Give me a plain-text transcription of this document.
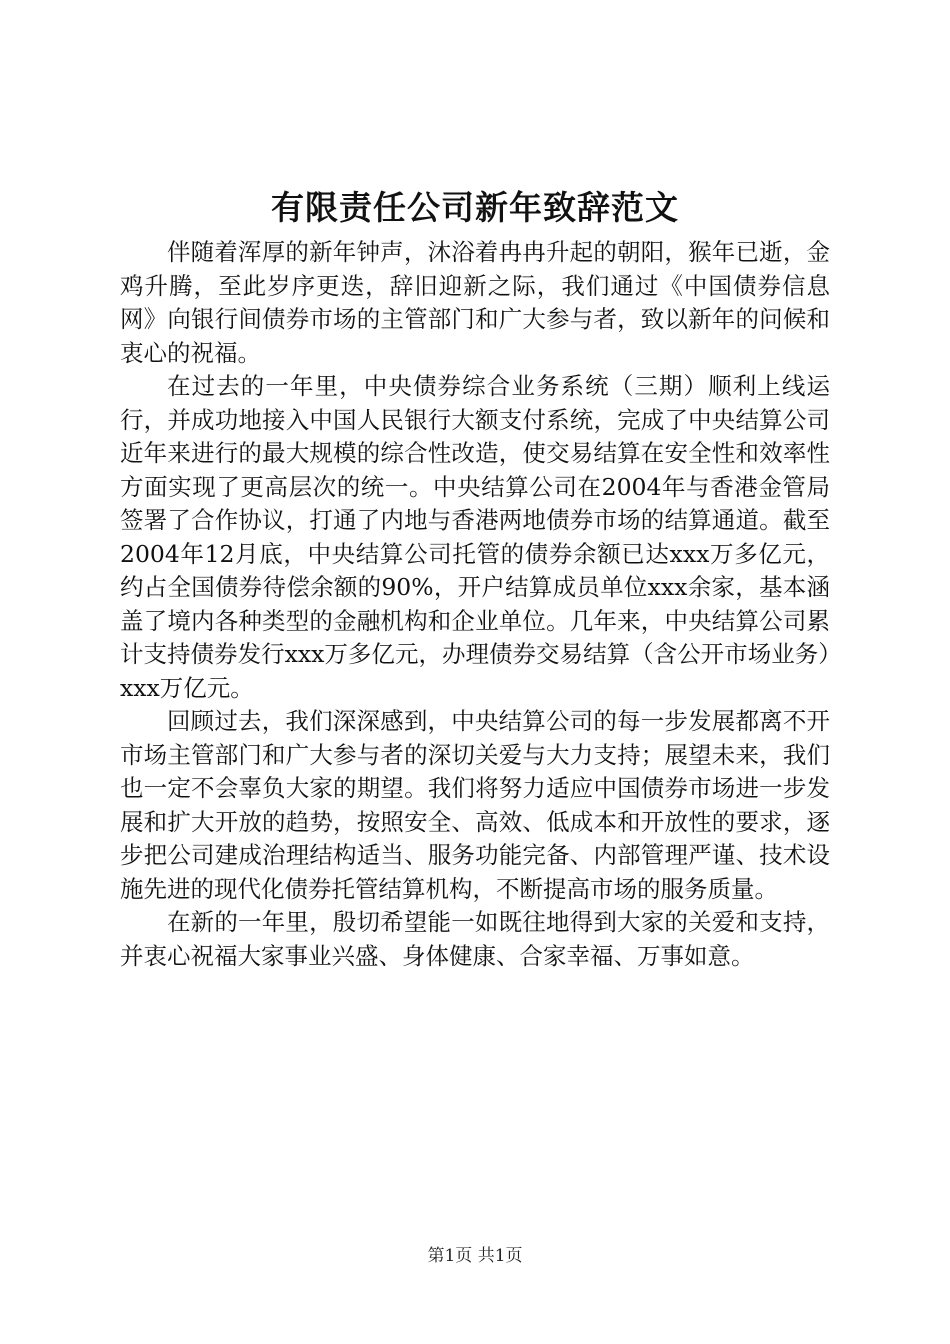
有限责任公司新年致辞范文

伴随着浑厚的新年钟声，沐浴着冉冉升起的朝阳，猴年已逝，金鸡升腾，至此岁序更迭，辞旧迎新之际，我们通过《中国债券信息网》向银行间债券市场的主管部门和广大参与者，致以新年的问候和衷心的祝福。

在过去的一年里，中央债券综合业务系统（三期）顺利上线运行，并成功地接入中国人民银行大额支付系统，完成了中央结算公司近年来进行的最大规模的综合性改造，使交易结算在安全性和效率性方面实现了更高层次的统一。中央结算公司在2004年与香港金管局签署了合作协议，打通了内地与香港两地债券市场的结算通道。截至2004年12月底，中央结算公司托管的债券余额已达xxx万多亿元，约占全国债券待偿余额的90%，开户结算成员单位xxx余家，基本涵盖了境内各种类型的金融机构和企业单位。几年来，中央结算公司累计支持债券发行xxx万多亿元，办理债券交易结算（含公开市场业务）xxx万亿元。

回顾过去，我们深深感到，中央结算公司的每一步发展都离不开市场主管部门和广大参与者的深切关爱与大力支持；展望未来，我们也一定不会辜负大家的期望。我们将努力适应中国债券市场进一步发展和扩大开放的趋势，按照安全、高效、低成本和开放性的要求，逐步把公司建成治理结构适当、服务功能完备、内部管理严谨、技术设施先进的现代化债券托管结算机构，不断提高市场的服务质量。

在新的一年里，殷切希望能一如既往地得到大家的关爱和支持，并衷心祝福大家事业兴盛、身体健康、合家幸福、万事如意。

第1页 共1页
